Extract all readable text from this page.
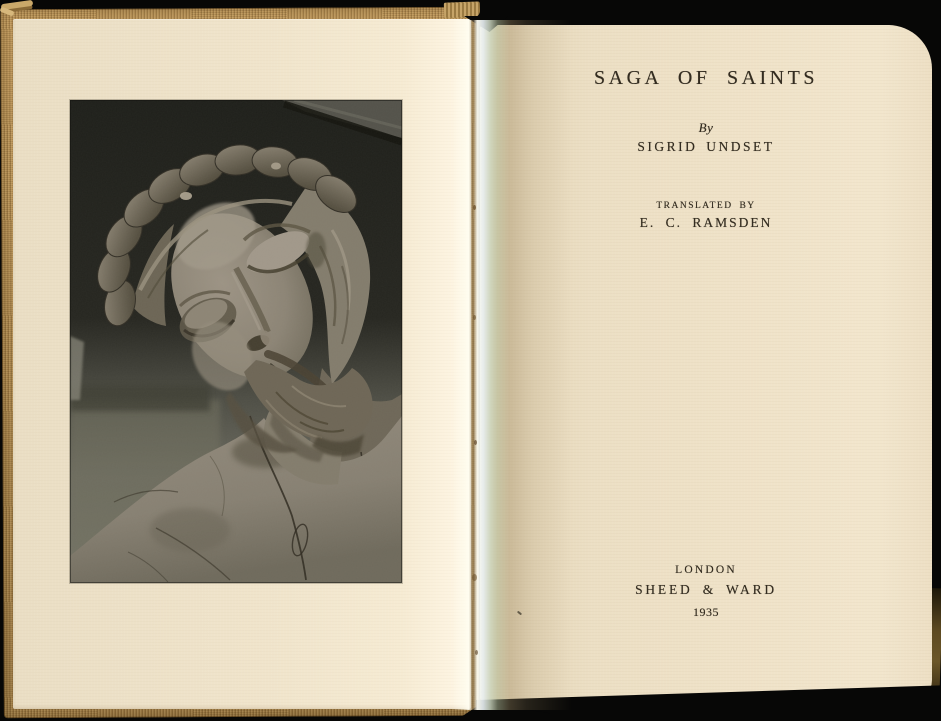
SAGA OF SAINTS
By
SIGRID UNDSET
TRANSLATED BY
E. C. RAMSDEN
LONDON
SHEED & WARD
1935
